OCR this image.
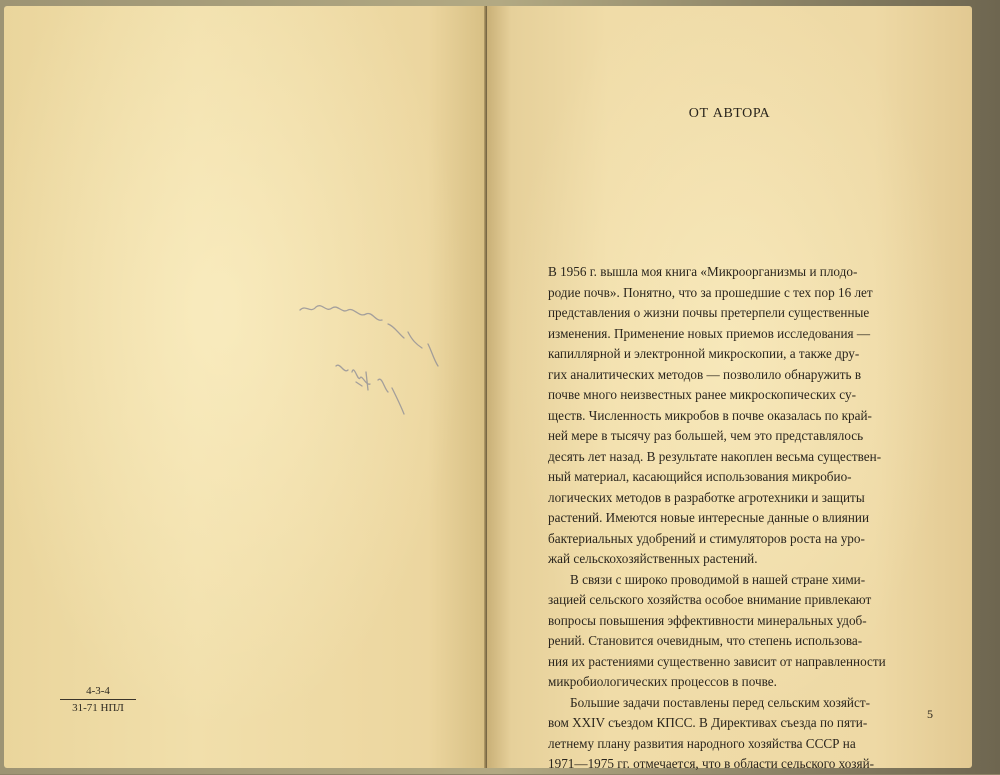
4-3-4
31-71 НПЛ
ОТ АВТОРА

В 1956 г. вышла моя книга «Микроорганизмы и плодо-
родие почв». Понятно, что за прошедшие с тех пор 16 лет
представления о жизни почвы претерпели существенные
изменения. Применение новых приемов исследования —
капиллярной и электронной микроскопии, а также дру-
гих аналитических методов — позволило обнаружить в
почве много неизвестных ранее микроскопических су-
ществ. Численность микробов в почве оказалась по край-
ней мере в тысячу раз большей, чем это представлялось
десять лет назад. В результате накоплен весьма существен-
ный материал, касающийся использования микробио-
логических методов в разработке агротехники и защиты
растений. Имеются новые интересные данные о влиянии
бактериальных удобрений и стимуляторов роста на уро-
жай сельскохозяйственных растений.

В связи с широко проводимой в нашей стране хими-
зацией сельского хозяйства особое внимание привлекают
вопросы повышения эффективности минеральных удоб-
рений. Становится очевидным, что степень использова-
ния их растениями существенно зависит от направленности
микробиологических процессов в почве.

Большие задачи поставлены перед сельским хозяйст-
вом XXIV съездом КПСС. В Директивах съезда по пяти-
летнему плану развития народного хозяйства СССР на
1971—1975 гг. отмечается, что в области сельского хозяй-

5
